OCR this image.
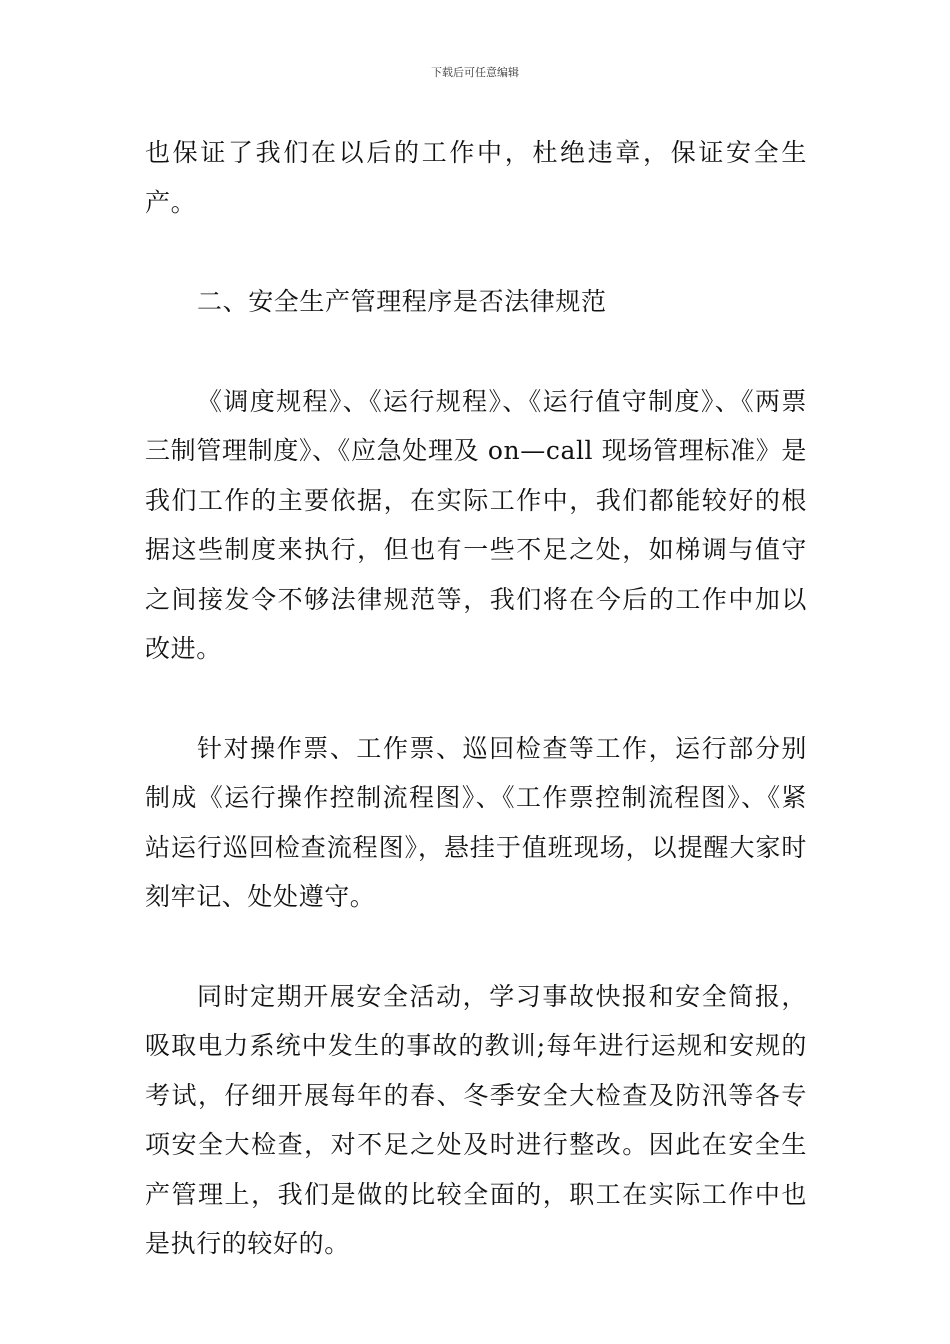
下载后可任意编辑

也保证了我们在以后的工作中，杜绝违章，保证安全生产。

二、安全生产管理程序是否法律规范

《调度规程》、《运行规程》、《运行值守制度》、《两票三制管理制度》、《应急处理及 on—call 现场管理标准》是我们工作的主要依据，在实际工作中，我们都能较好的根据这些制度来执行，但也有一些不足之处，如梯调与值守之间接发令不够法律规范等，我们将在今后的工作中加以改进。

针对操作票、工作票、巡回检查等工作，运行部分别制成《运行操作控制流程图》、《工作票控制流程图》、《紧站运行巡回检查流程图》，悬挂于值班现场，以提醒大家时刻牢记、处处遵守。

同时定期开展安全活动，学习事故快报和安全简报，吸取电力系统中发生的事故的教训;每年进行运规和安规的考试，仔细开展每年的春、冬季安全大检查及防汛等各专项安全大检查，对不足之处及时进行整改。因此在安全生产管理上，我们是做的比较全面的，职工在实际工作中也是执行的较好的。
